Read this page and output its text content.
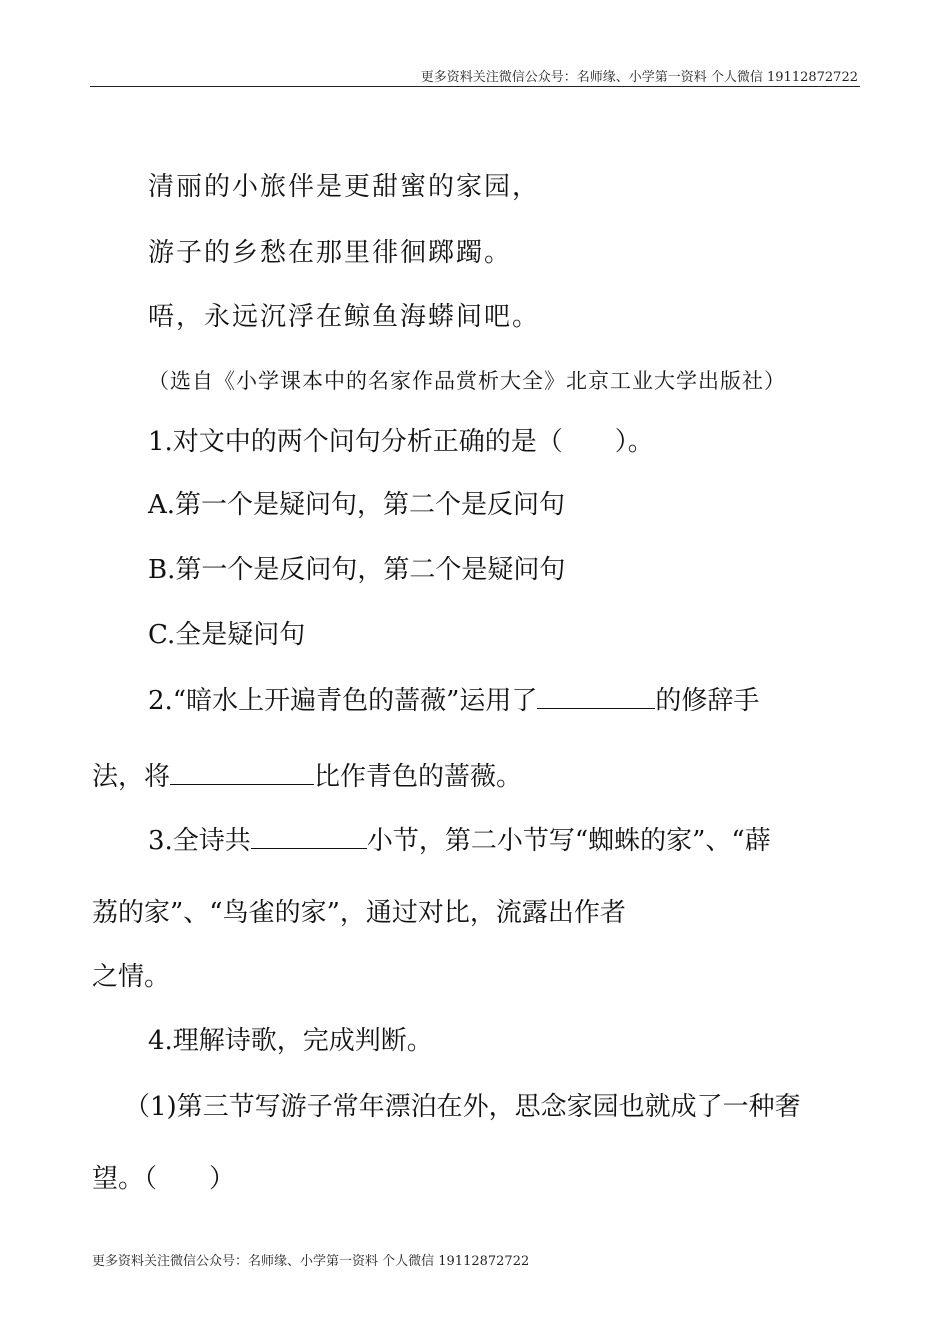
更多资料关注微信公众号：名师缘、小学第一资料 个人微信 19112872722
清丽的小旅伴是更甜蜜的家园，
游子的乡愁在那里徘徊踯躅。
唔，永远沉浮在鲸鱼海蟒间吧。
（选自《小学课本中的名家作品赏析大全》北京工业大学出版社）
1.对文中的两个问句分析正确的是（　　）。
A.第一个是疑问句，第二个是反问句
B.第一个是反问句，第二个是疑问句
C.全是疑问句
2.“暗水上开遍青色的蔷薇”运用了	的修辞手
法，将	比作青色的蔷薇。
3.全诗共	小节，第二小节写“蜘蛛的家”、“薜
荔的家”、“鸟雀的家”，通过对比，流露出作者
之情。
4.理解诗歌，完成判断。
（1)第三节写游子常年漂泊在外，思念家园也就成了一种奢
望。（　　）
更多资料关注微信公众号：名师缘、小学第一资料 个人微信 19112872722
